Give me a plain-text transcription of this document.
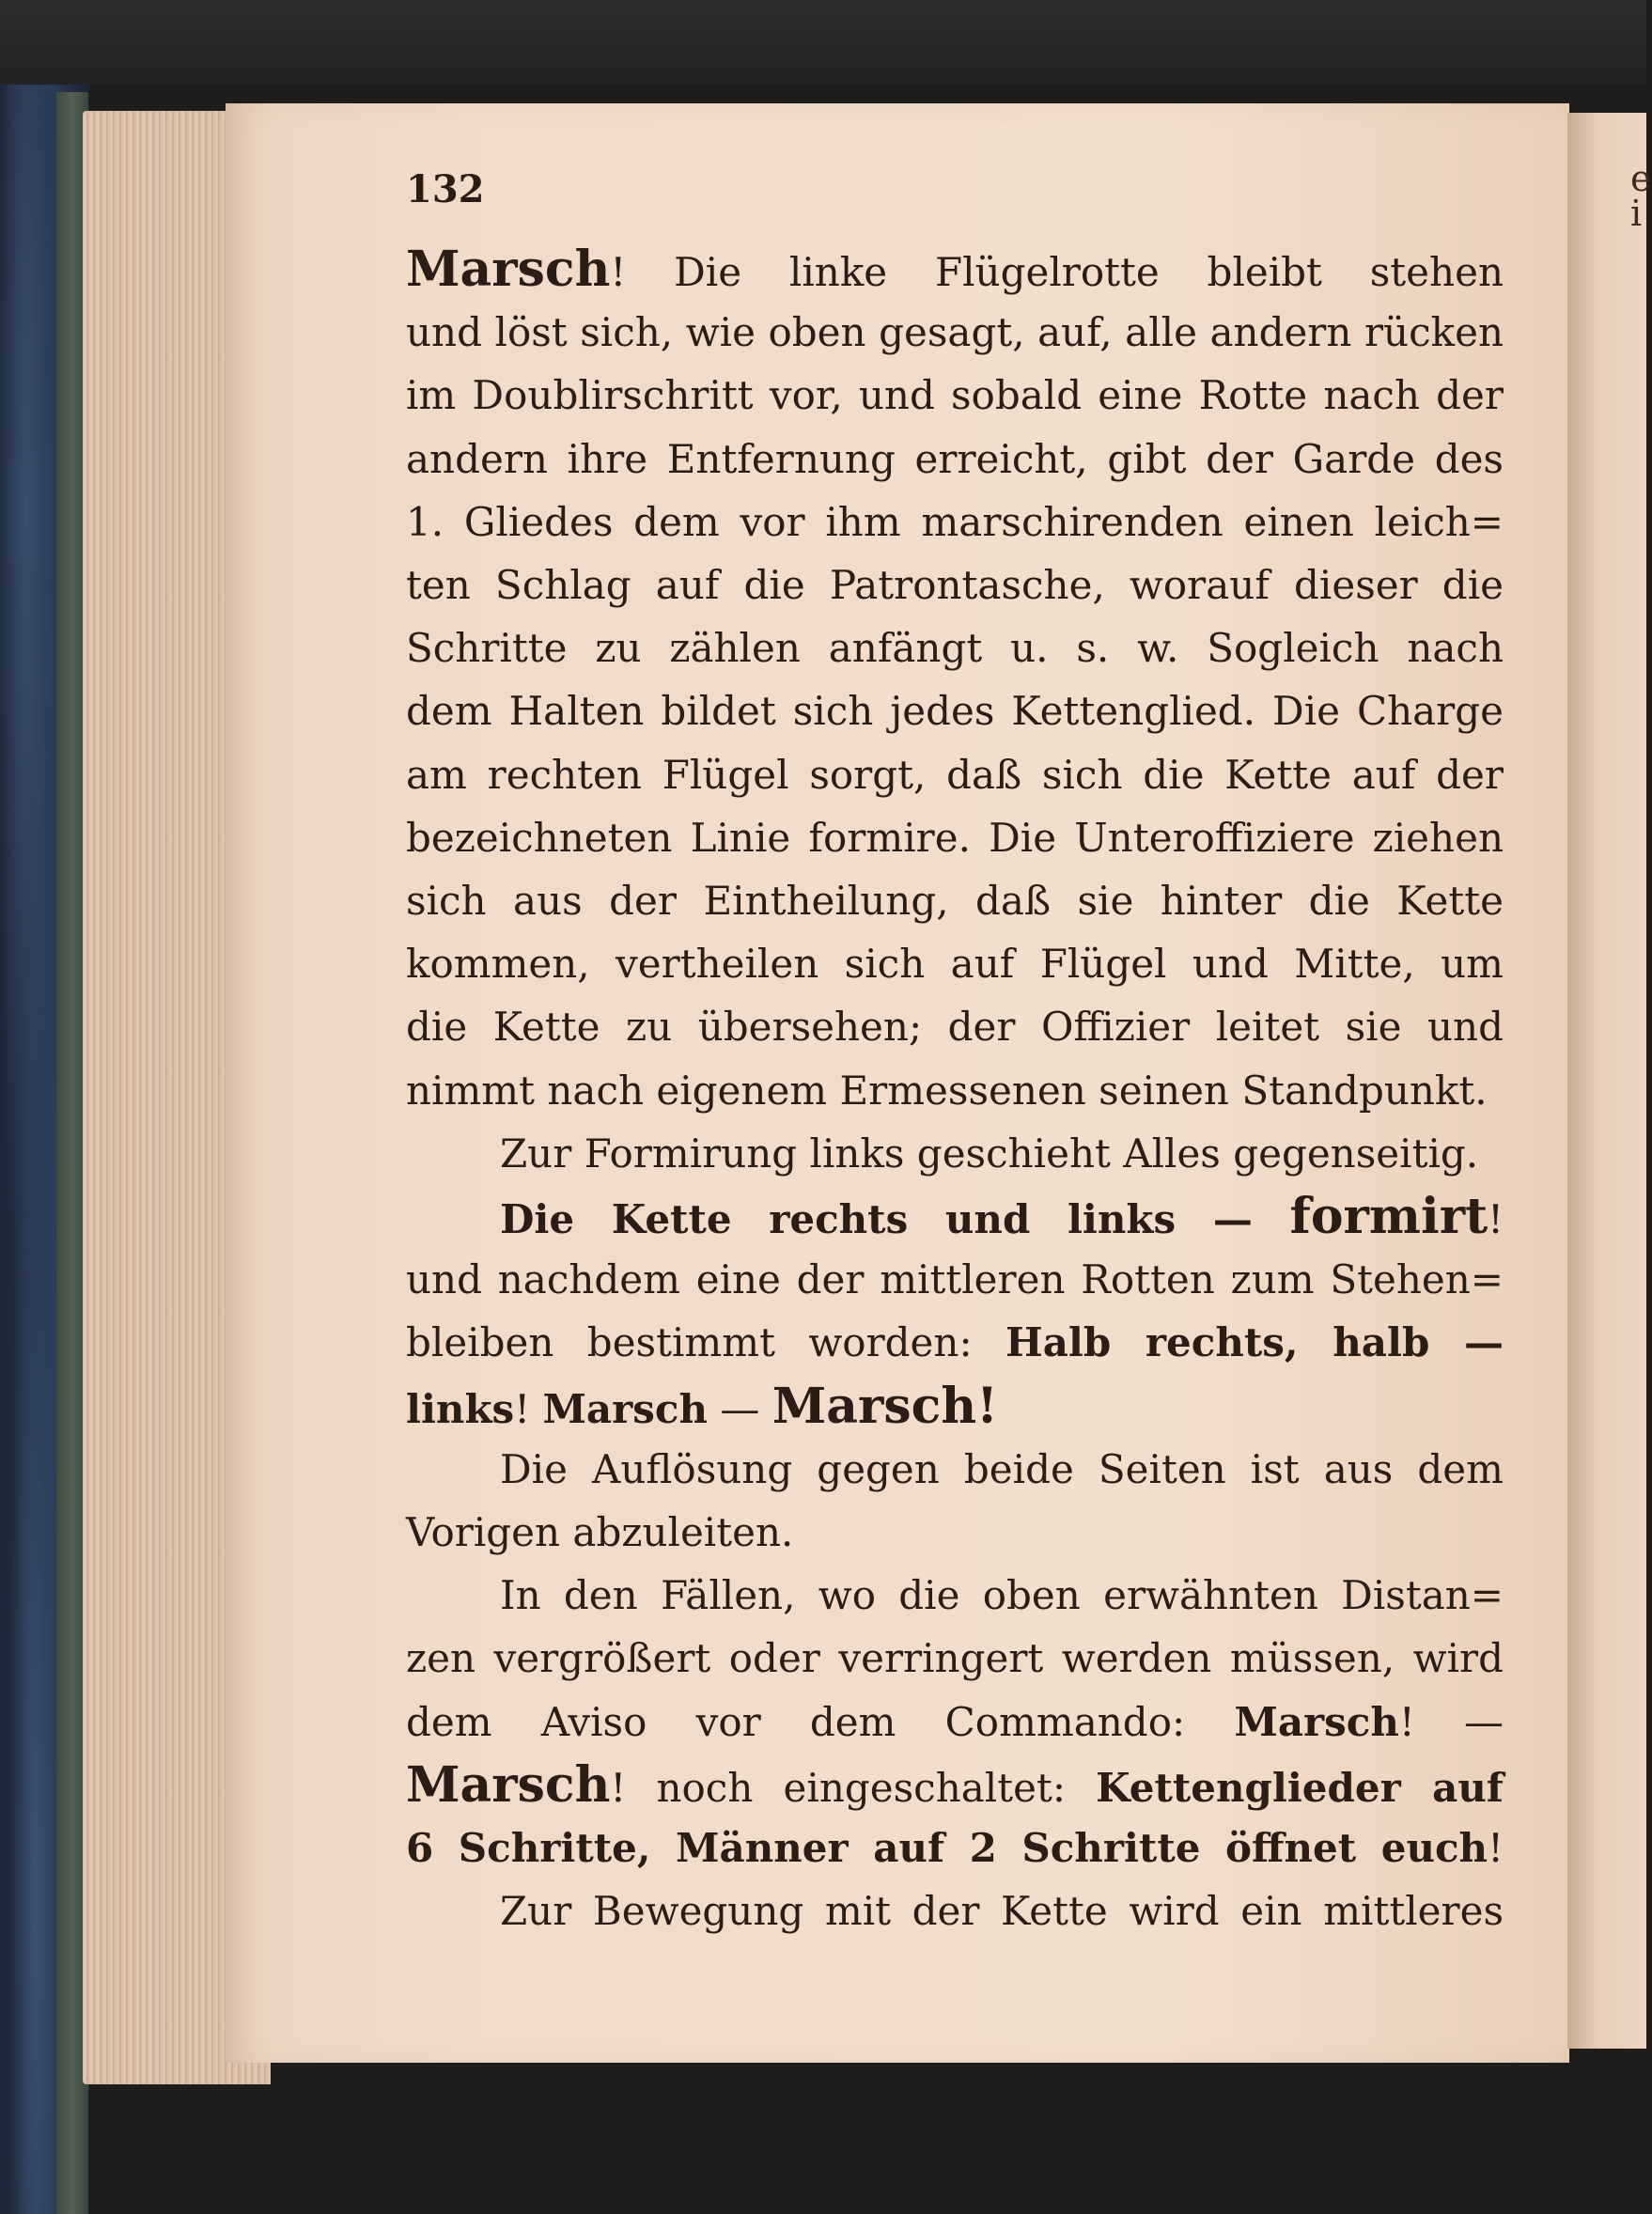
e
i
132
Marsch! Die linke Flügelrotte bleibt stehen
und löst sich, wie oben gesagt, auf, alle andern rücken
im Doublirschritt vor, und sobald eine Rotte nach der
andern ihre Entfernung erreicht, gibt der Garde des
1. Gliedes dem vor ihm marschirenden einen leich=
ten Schlag auf die Patrontasche, worauf dieser die
Schritte zu zählen anfängt u. s. w. Sogleich nach
dem Halten bildet sich jedes Kettenglied. Die Charge
am rechten Flügel sorgt, daß sich die Kette auf der
bezeichneten Linie formire. Die Unteroffiziere ziehen
sich aus der Eintheilung, daß sie hinter die Kette
kommen, vertheilen sich auf Flügel und Mitte, um
die Kette zu übersehen; der Offizier leitet sie und
nimmt nach eigenem Ermessenen seinen Standpunkt.
Zur Formirung links geschieht Alles gegenseitig.
Die Kette rechts und links — formirt!
und nachdem eine der mittleren Rotten zum Stehen=
bleiben bestimmt worden: Halb rechts, halb —
links! Marsch — Marsch!
Die Auflösung gegen beide Seiten ist aus dem
Vorigen abzuleiten.
In den Fällen, wo die oben erwähnten Distan=
zen vergrößert oder verringert werden müssen, wird
dem Aviso vor dem Commando: Marsch! —
Marsch! noch eingeschaltet: Kettenglieder auf
6 Schritte, Männer auf 2 Schritte öffnet euch!
Zur Bewegung mit der Kette wird ein mittleres
